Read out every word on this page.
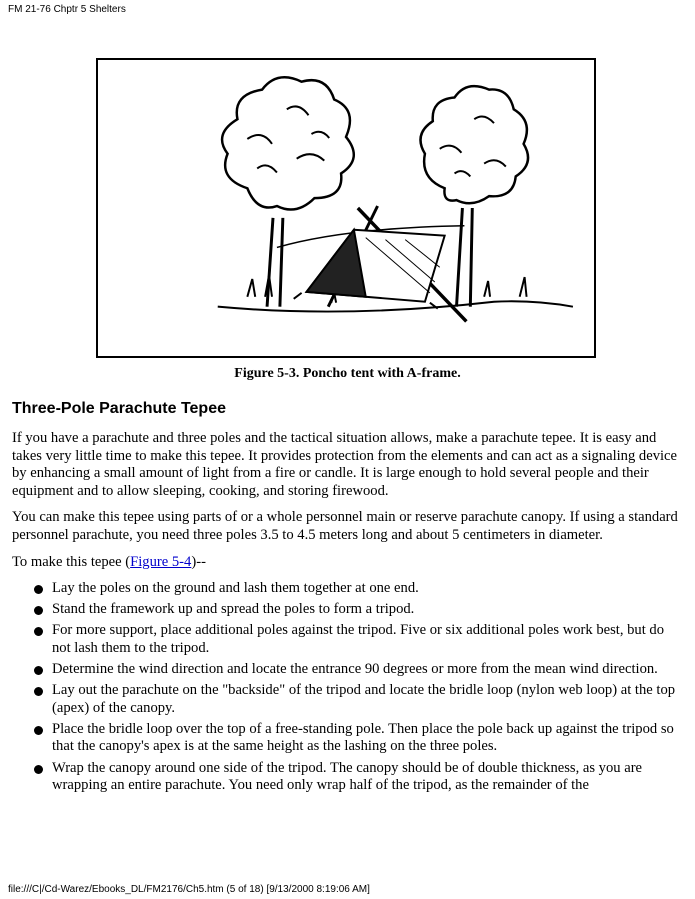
FM 21-76 Chptr 5 Shelters
Figure 5-3. Poncho tent with A-frame.
Three-Pole Parachute Tepee

If you have a parachute and three poles and the tactical situation allows, make a parachute tepee. It is easy and takes very little time to make this tepee. It provides protection from the elements and can act as a signaling device by enhancing a small amount of light from a fire or candle. It is large enough to hold several people and their equipment and to allow sleeping, cooking, and storing firewood.

You can make this tepee using parts of or a whole personnel main or reserve parachute canopy. If using a standard personnel parachute, you need three poles 3.5 to 4.5 meters long and about 5 centimeters in diameter.

To make this tepee (Figure 5-4)--

Lay the poles on the ground and lash them together at one end.
Stand the framework up and spread the poles to form a tripod.
For more support, place additional poles against the tripod. Five or six additional poles work best, but do not lash them to the tripod.
Determine the wind direction and locate the entrance 90 degrees or more from the mean wind direction.
Lay out the parachute on the "backside" of the tripod and locate the bridle loop (nylon web loop) at the top (apex) of the canopy.
Place the bridle loop over the top of a free-standing pole. Then place the pole back up against the tripod so that the canopy's apex is at the same height as the lashing on the three poles.
Wrap the canopy around one side of the tripod. The canopy should be of double thickness, as you are wrapping an entire parachute. You need only wrap half of the tripod, as the remainder of the
file:///C|/Cd-Warez/Ebooks_DL/FM2176/Ch5.htm (5 of 18) [9/13/2000 8:19:06 AM]
